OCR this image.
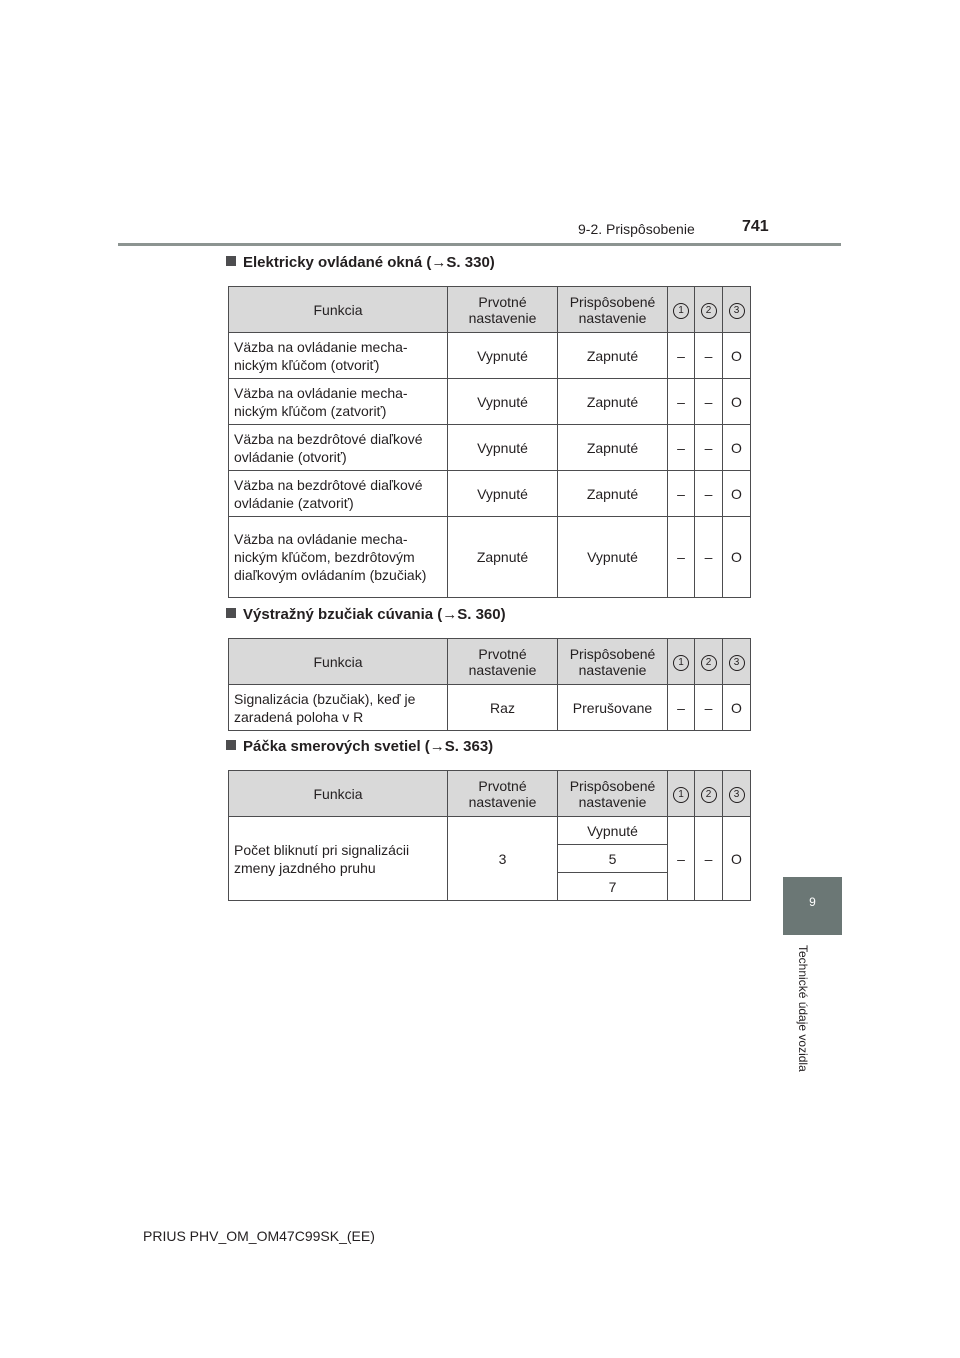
9-2. Prispôsobenie	741
9
Technické údaje vozidla
Elektricky ovládané okná (→S. 330)
Funkcia	Prvotné nastavenie	Prispôsobené nastavenie	1	2	3
Väzba na ovládanie mecha-nickým kľúčom (otvoriť)	Vypnuté	Zapnuté	–	–	O
Väzba na ovládanie mecha-nickým kľúčom (zatvoriť)	Vypnuté	Zapnuté	–	–	O
Väzba na bezdrôtové diaľkové ovládanie (otvoriť)	Vypnuté	Zapnuté	–	–	O
Väzba na bezdrôtové diaľkové ovládanie (zatvoriť)	Vypnuté	Zapnuté	–	–	O
Väzba na ovládanie mecha-nickým kľúčom, bezdrôtovým diaľkovým ovládaním (bzučiak)	Zapnuté	Vypnuté	–	–	O
Výstražný bzučiak cúvania (→S. 360)
Funkcia	Prvotné nastavenie	Prispôsobené nastavenie	1	2	3
Signalizácia (bzučiak), keď je zaradená poloha v R	Raz	Prerušovane	–	–	O
Páčka smerových svetiel (→S. 363)
Funkcia	Prvotné nastavenie	Prispôsobené nastavenie	1	2	3
Počet bliknutí pri signalizácii zmeny jazdného pruhu	3	Vypnuté	–	–	O
		5			
		7			
PRIUS PHV_OM_OM47C99SK_(EE)
